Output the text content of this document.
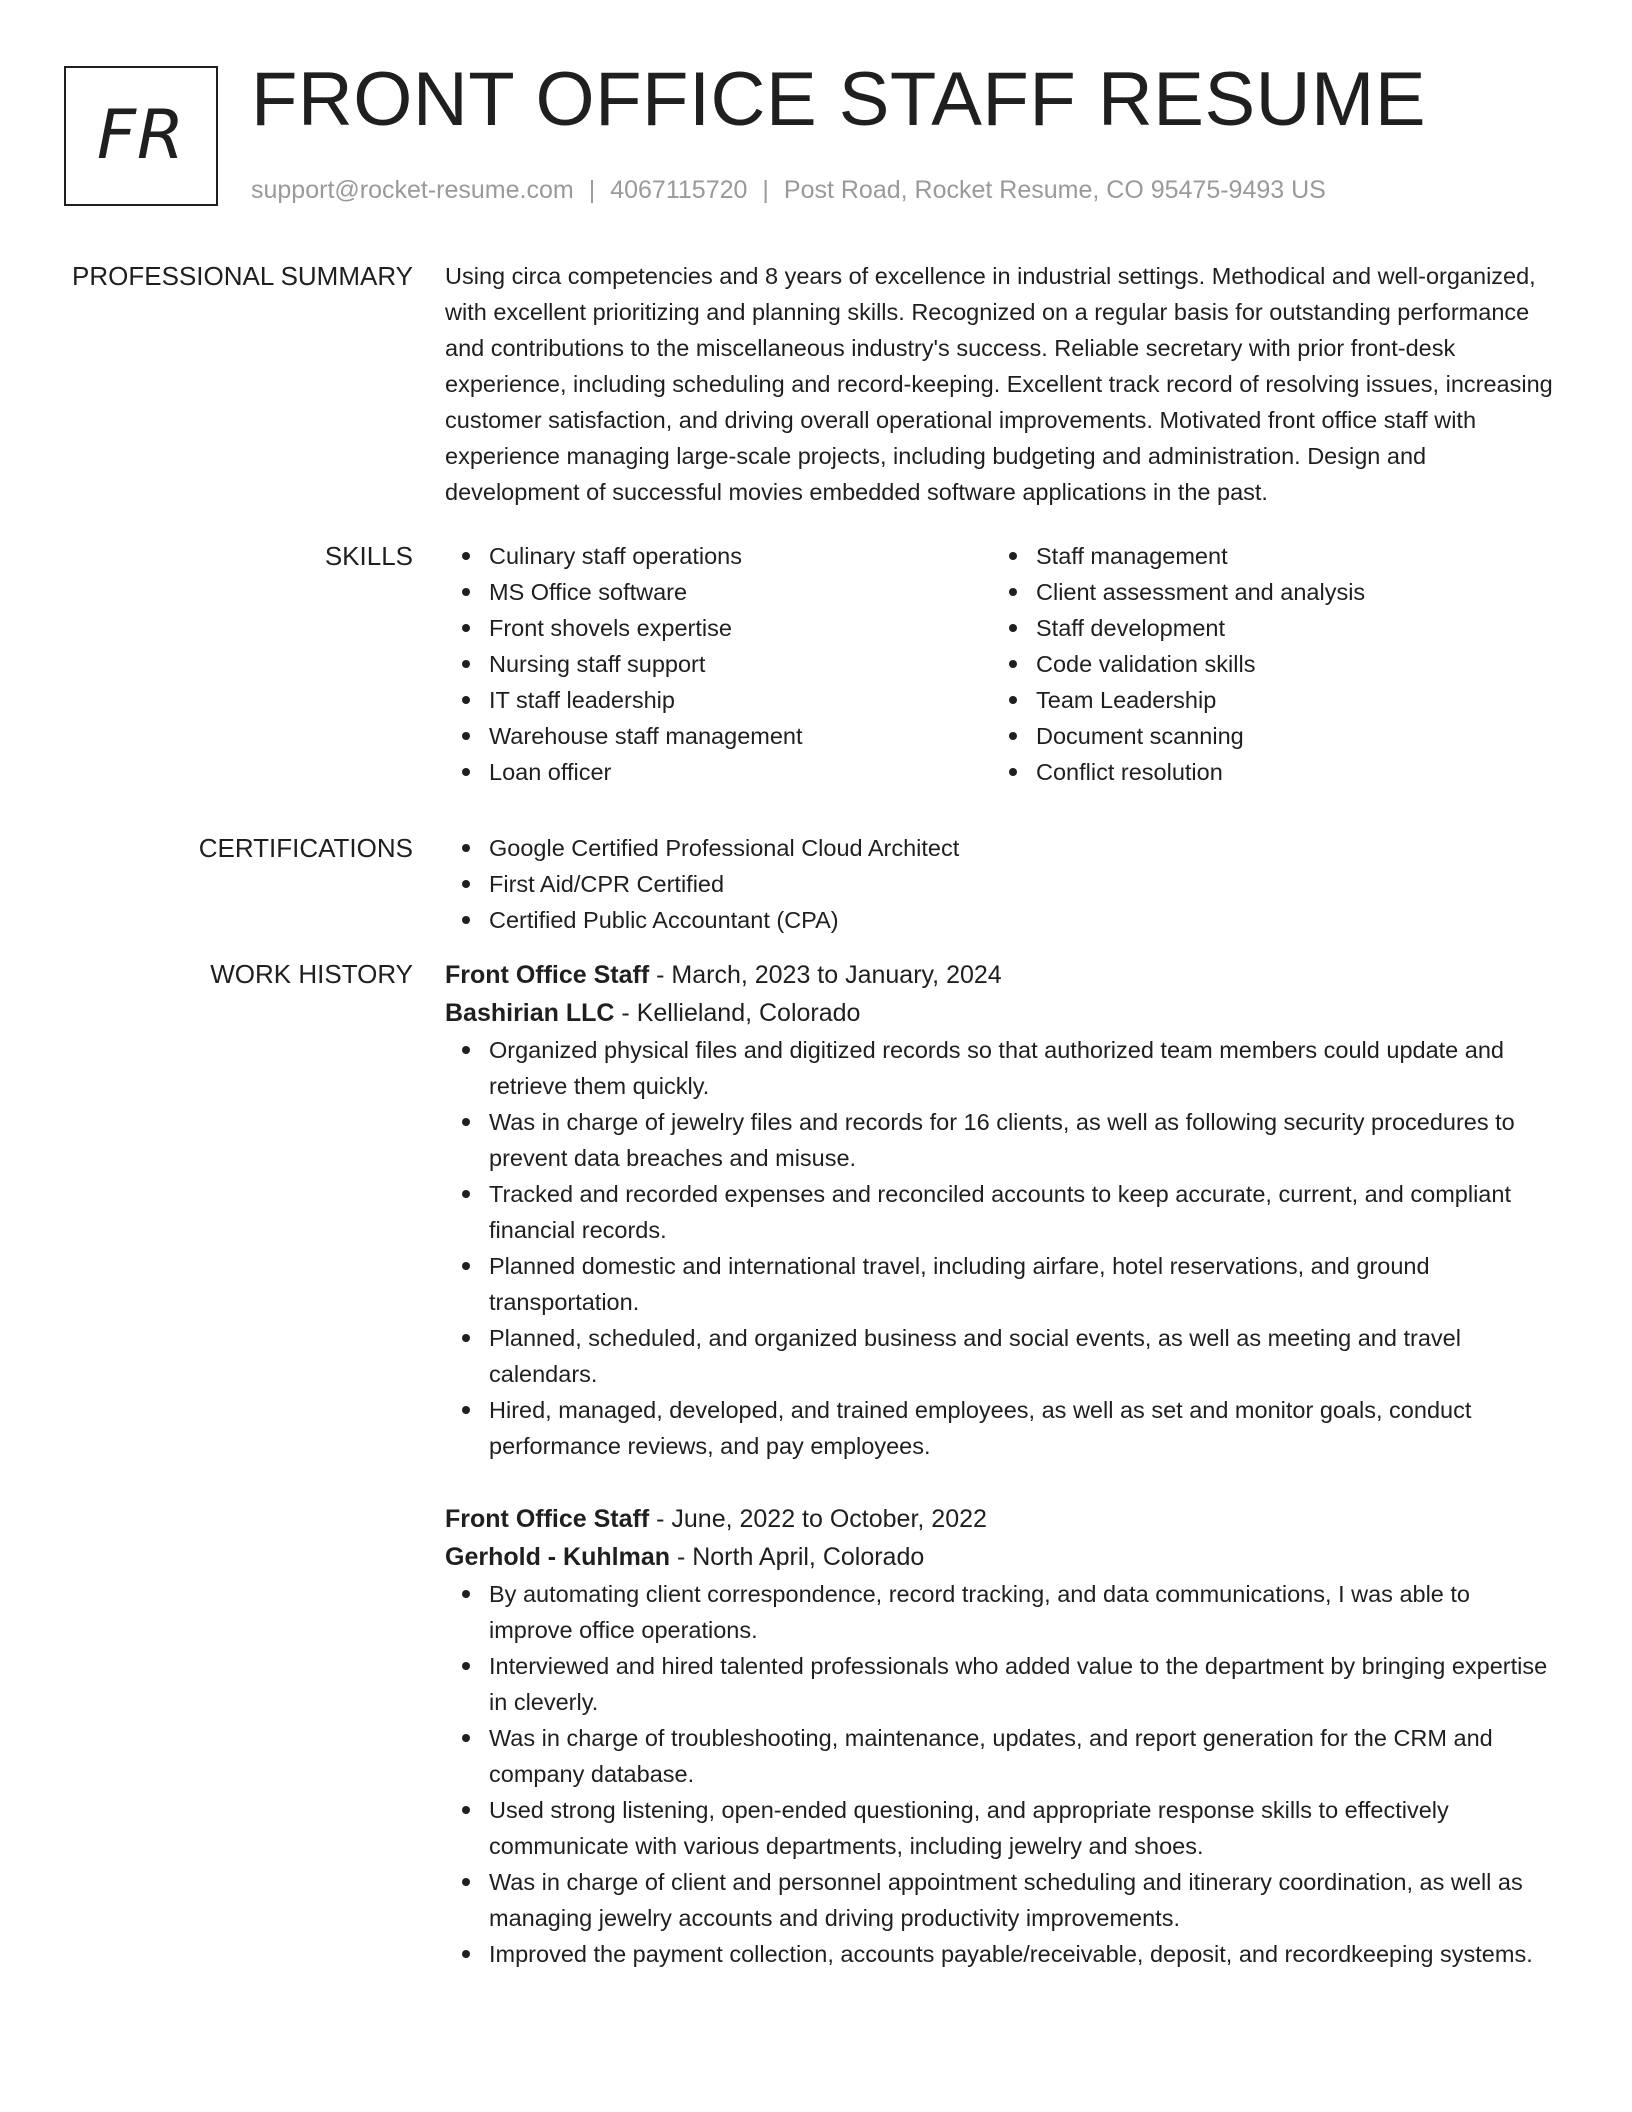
FR FRONT OFFICE STAFF RESUME
support@rocket-resume.com | 4067115720 | Post Road, Rocket Resume, CO 95475-9493 US
PROFESSIONAL SUMMARY Using circa competencies and 8 years of excellence in industrial settings. Methodical and well-organized, with excellent prioritizing and planning skills. Recognized on a regular basis for outstanding performance and contributions to the miscellaneous industry's success. Reliable secretary with prior front-desk experience, including scheduling and record-keeping. Excellent track record of resolving issues, increasing customer satisfaction, and driving overall operational improvements. Motivated front office staff with experience managing large-scale projects, including budgeting and administration. Design and development of successful movies embedded software applications in the past.

SKILLS	Culinary staff operations
MS Office software
Front shovels expertise
Nursing staff support
IT staff leadership
Warehouse staff management
Loan officer
Staff management
Client assessment and analysis
Staff development
Code validation skills
Team Leadership
Document scanning
Conflict resolution
CERTIFICATIONS	Google Certified Professional Cloud Architect
First Aid/CPR Certified
Certified Public Accountant (CPA)
WORK HISTORY Front Office Staff - March, 2023 to January, 2024
Bashirian LLC - Kellieland, Colorado
Organized physical files and digitized records so that authorized team members could update and retrieve them quickly.
Was in charge of jewelry files and records for 16 clients, as well as following security procedures to prevent data breaches and misuse.
Tracked and recorded expenses and reconciled accounts to keep accurate, current, and compliant financial records.
Planned domestic and international travel, including airfare, hotel reservations, and ground transportation.
Planned, scheduled, and organized business and social events, as well as meeting and travel calendars.
Hired, managed, developed, and trained employees, as well as set and monitor goals, conduct performance reviews, and pay employees.
Front Office Staff - June, 2022 to October, 2022
Gerhold - Kuhlman - North April, Colorado
By automating client correspondence, record tracking, and data communications, I was able to improve office operations.
Interviewed and hired talented professionals who added value to the department by bringing expertise in cleverly.
Was in charge of troubleshooting, maintenance, updates, and report generation for the CRM and company database.
Used strong listening, open-ended questioning, and appropriate response skills to effectively communicate with various departments, including jewelry and shoes.
Was in charge of client and personnel appointment scheduling and itinerary coordination, as well as managing jewelry accounts and driving productivity improvements.
Improved the payment collection, accounts payable/receivable, deposit, and recordkeeping systems.
